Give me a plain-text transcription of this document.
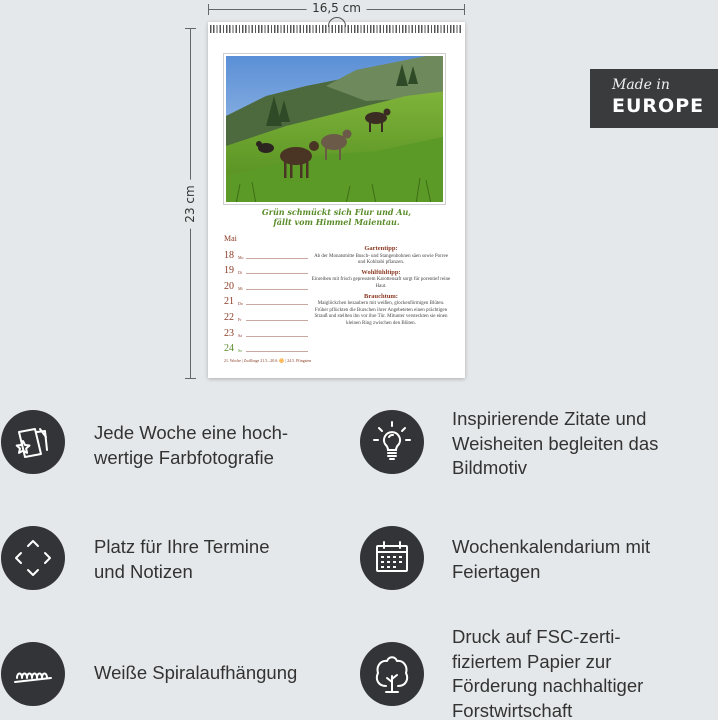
16,5 cm
23 cm	Grün schmückt sich Flur und Au,
fällt vom Himmel Maientau.
Mai
18	Mo
19	Di
20	Mi
21	Do
22	Fr
23	Sa
24	So
Gartentipp:
Ab der Monatsmitte Busch- und Stangenbohnen säen sowie Porree und Kohlrabi pflanzen.
Wohlfühltipp:
Einreiben mit frisch gepresstem Karottensaft sorgt für porentief reine Haut.
Brauchtum:
Maiglöckchen bezaubern mit weißen, glockenförmigen Blüten. Früher pflückten die Burschen ihrer Angebeteten einen prächtigen Strauß und stellten ihn vor ihre Tür. Mitunter versteckten sie einen kleinen Ring zwischen den Blüten.
21. Woche | Zwillinge 21.5.–20.6. ♊ | 24.5. Pfingsten
Made in
EUROPE
Jede Woche eine hoch-
wertige Farbfotografie
Inspirierende Zitate und
Weisheiten begleiten das
Bildmotiv
Platz für Ihre Termine
und Notizen
Wochenkalendarium mit
Feiertagen
Weiße Spiralaufhängung
Druck auf FSC-zerti-
fiziertem Papier zur
Förderung nachhaltiger
Forstwirtschaft
